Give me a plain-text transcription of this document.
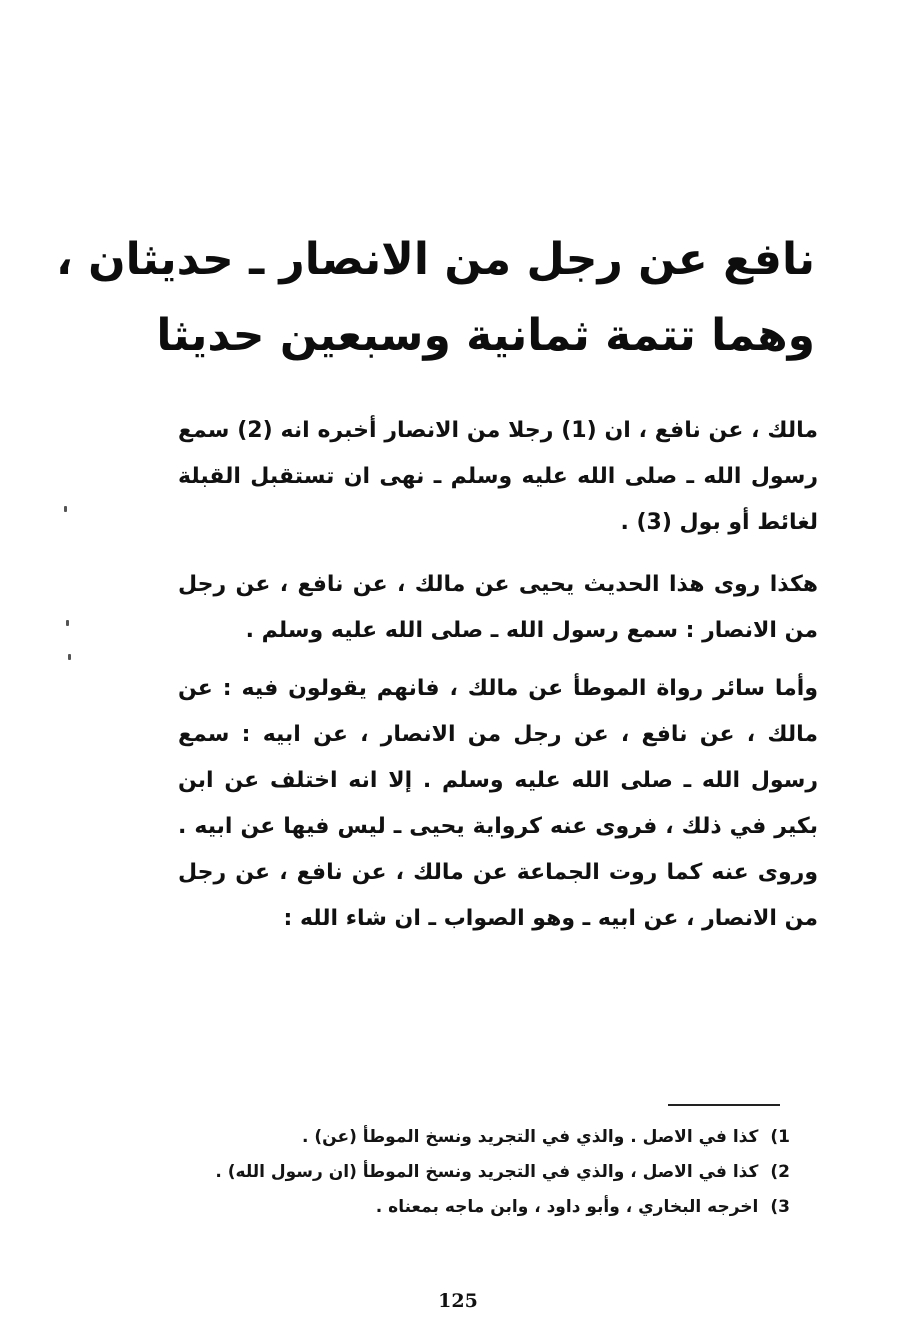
نافع عن رجل من الانصار ـ حديثان ،
وهما تتمة ثمانية وسبعين حديثا
مالك ، عن نافع ، ان (1) رجلا من الانصار أخبره انه (2) سمع رسول الله ـ صلى الله عليه وسلم ـ نهى ان تستقبل القبلة لغائط أو بول (3) .
هكذا روى هذا الحديث يحيى عن مالك ، عن نافع ، عن رجل من الانصار : سمع رسول الله ـ صلى الله عليه وسلم .
وأما سائر رواة الموطأ عن مالك ، فانهم يقولون فيه : عن مالك ، عن نافع ، عن رجل من الانصار ، عن ابيه : سمع رسول الله ـ صلى الله عليه وسلم . إلا انه اختلف عن ابن بكير في ذلك ، فروى عنه كرواية يحيى ـ ليس فيها عن ابيه . وروى عنه كما روت الجماعة عن مالك ، عن نافع ، عن رجل من الانصار ، عن ابيه ـ وهو الصواب ـ ان شاء الله :
1)كذا في الاصل . والذي في التجريد ونسخ الموطأ (عن) .
2)كذا في الاصل ، والذي في التجريد ونسخ الموطأ (ان رسول الله) .
3)اخرجه البخاري ، وأبو داود ، وابن ماجه بمعناه .
125
